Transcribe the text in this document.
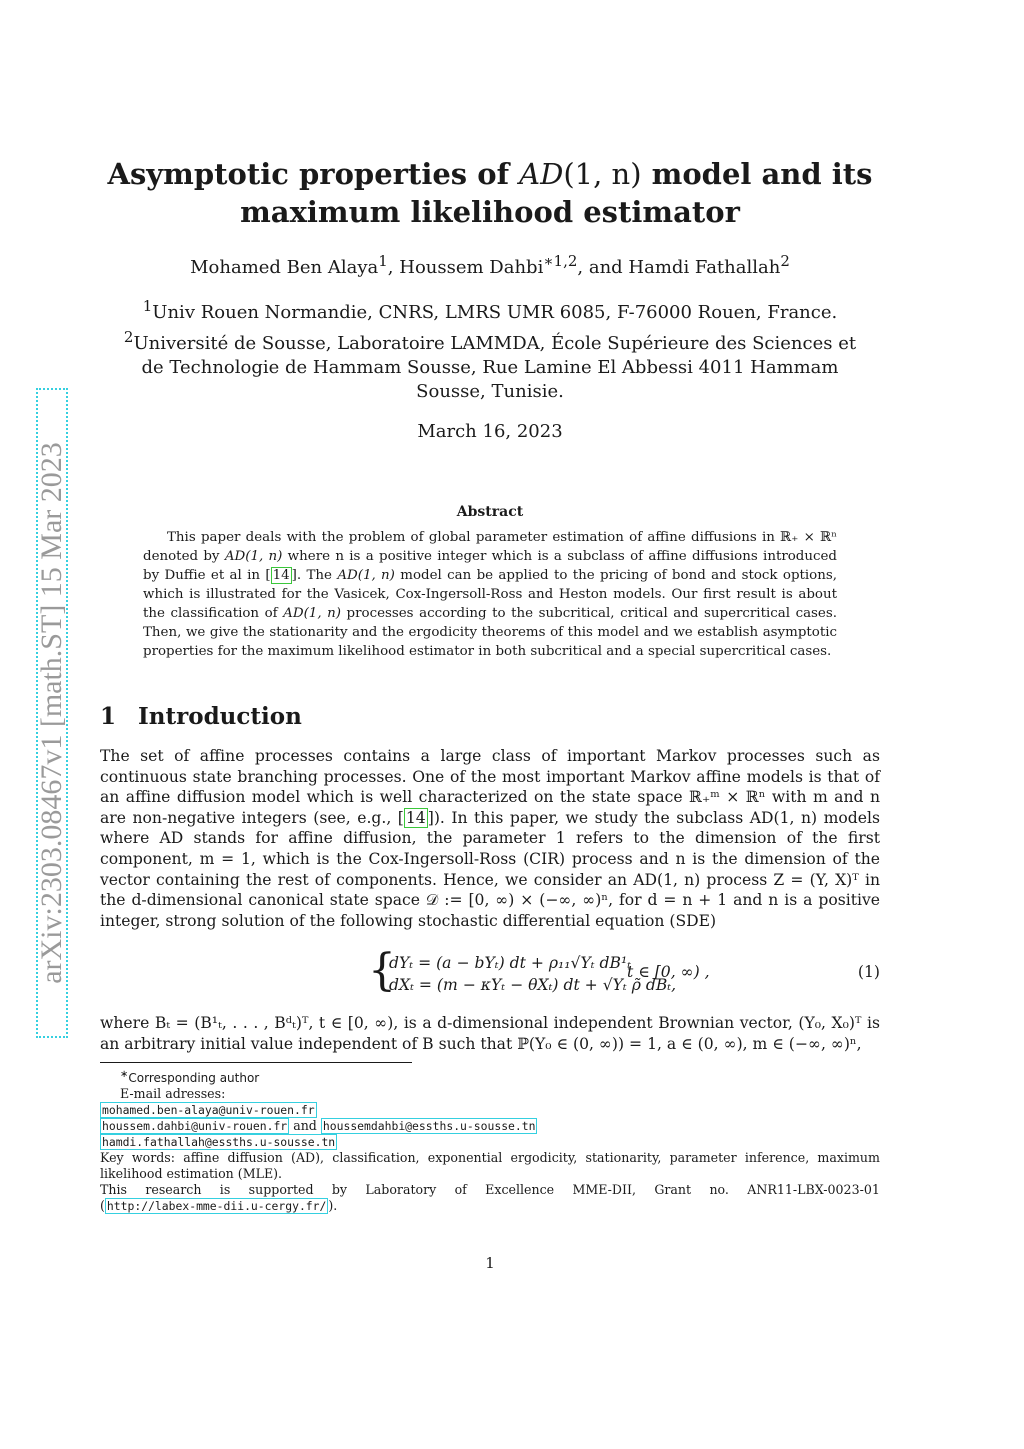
arXiv:2303.08467v1 [math.ST] 15 Mar 2023
Asymptotic properties of AD(1, n) model and its
maximum likelihood estimator
Mohamed Ben Alaya$^1$, Houssem Dahbi$^{∗1,2}$, and Hamdi Fathallah$^2$
$^1$Univ Rouen Normandie, CNRS, LMRS UMR 6085, F-76000 Rouen, France.
$^2$Université de Sousse, Laboratoire LAMMDA, École Supérieure des Sciences et de Technologie de Hammam Sousse, Rue Lamine El Abbessi 4011 Hammam Sousse, Tunisie.
March 16, 2023
Abstract
This paper deals with the problem of global parameter estimation of affine diffusions in ℝ₊ × ℝⁿ denoted by AD(1, n) where n is a positive integer which is a subclass of affine diffusions introduced by Duffie et al in [ 14 ]. The AD(1, n) model can be applied to the pricing of bond and stock options, which is illustrated for the Vasicek, Cox-Ingersoll-Ross and Heston models. Our first result is about the classification of AD(1, n) processes according to the subcritical, critical and supercritical cases. Then, we give the stationarity and the ergodicity theorems of this model and we establish asymptotic properties for the maximum likelihood estimator in both subcritical and a special supercritical cases.
1 Introduction
The set of affine processes contains a large class of important Markov processes such as continuous state branching processes. One of the most important Markov affine models is that of an affine diffusion model which is well characterized on the state space ℝ₊ᵐ × ℝⁿ with m and n are non-negative integers (see, e.g., [ 14 ]). In this paper, we study the subclass AD(1, n) models where AD stands for affine diffusion, the parameter 1 refers to the dimension of the first component, m = 1, which is the Cox-Ingersoll-Ross (CIR) process and n is the dimension of the vector containing the rest of components. Hence, we consider an AD(1, n) process Z = (Y, X)ᵀ in the d-dimensional canonical state space 𝒟 := [0, ∞) × (−∞, ∞)ⁿ, for d = n + 1 and n is a positive integer, strong solution of the following stochastic differential equation (SDE)
{
dYₜ = (a − bYₜ) dt + ρ₁₁√Yₜ dB¹ₜ
dXₜ = (m − κYₜ − θXₜ) dt + √Yₜ ρ̃ dBₜ,
t ∈ [0, ∞) ,	(1)
where Bₜ = (B¹ₜ, . . . , Bᵈₜ)ᵀ, t ∈ [0, ∞), is a d-dimensional independent Brownian vector, (Y₀, X₀)ᵀ is an arbitrary initial value independent of B such that ℙ(Y₀ ∈ (0, ∞)) = 1, a ∈ (0, ∞), m ∈ (−∞, ∞)ⁿ,
∗Corresponding author
E-mail adresses:
mohamed.ben-alaya@univ-rouen.fr
houssem.dahbi@univ-rouen.fr and houssemdahbi@essths.u-sousse.tn
hamdi.fathallah@essths.u-sousse.tn
Key words: affine diffusion (AD), classification, exponential ergodicity, stationarity, parameter inference, maximum likelihood estimation (MLE).
This research is supported by Laboratory of Excellence MME-DII, Grant no. ANR11-LBX-0023-01
( http://labex-mme-dii.u-cergy.fr/ ).
1
